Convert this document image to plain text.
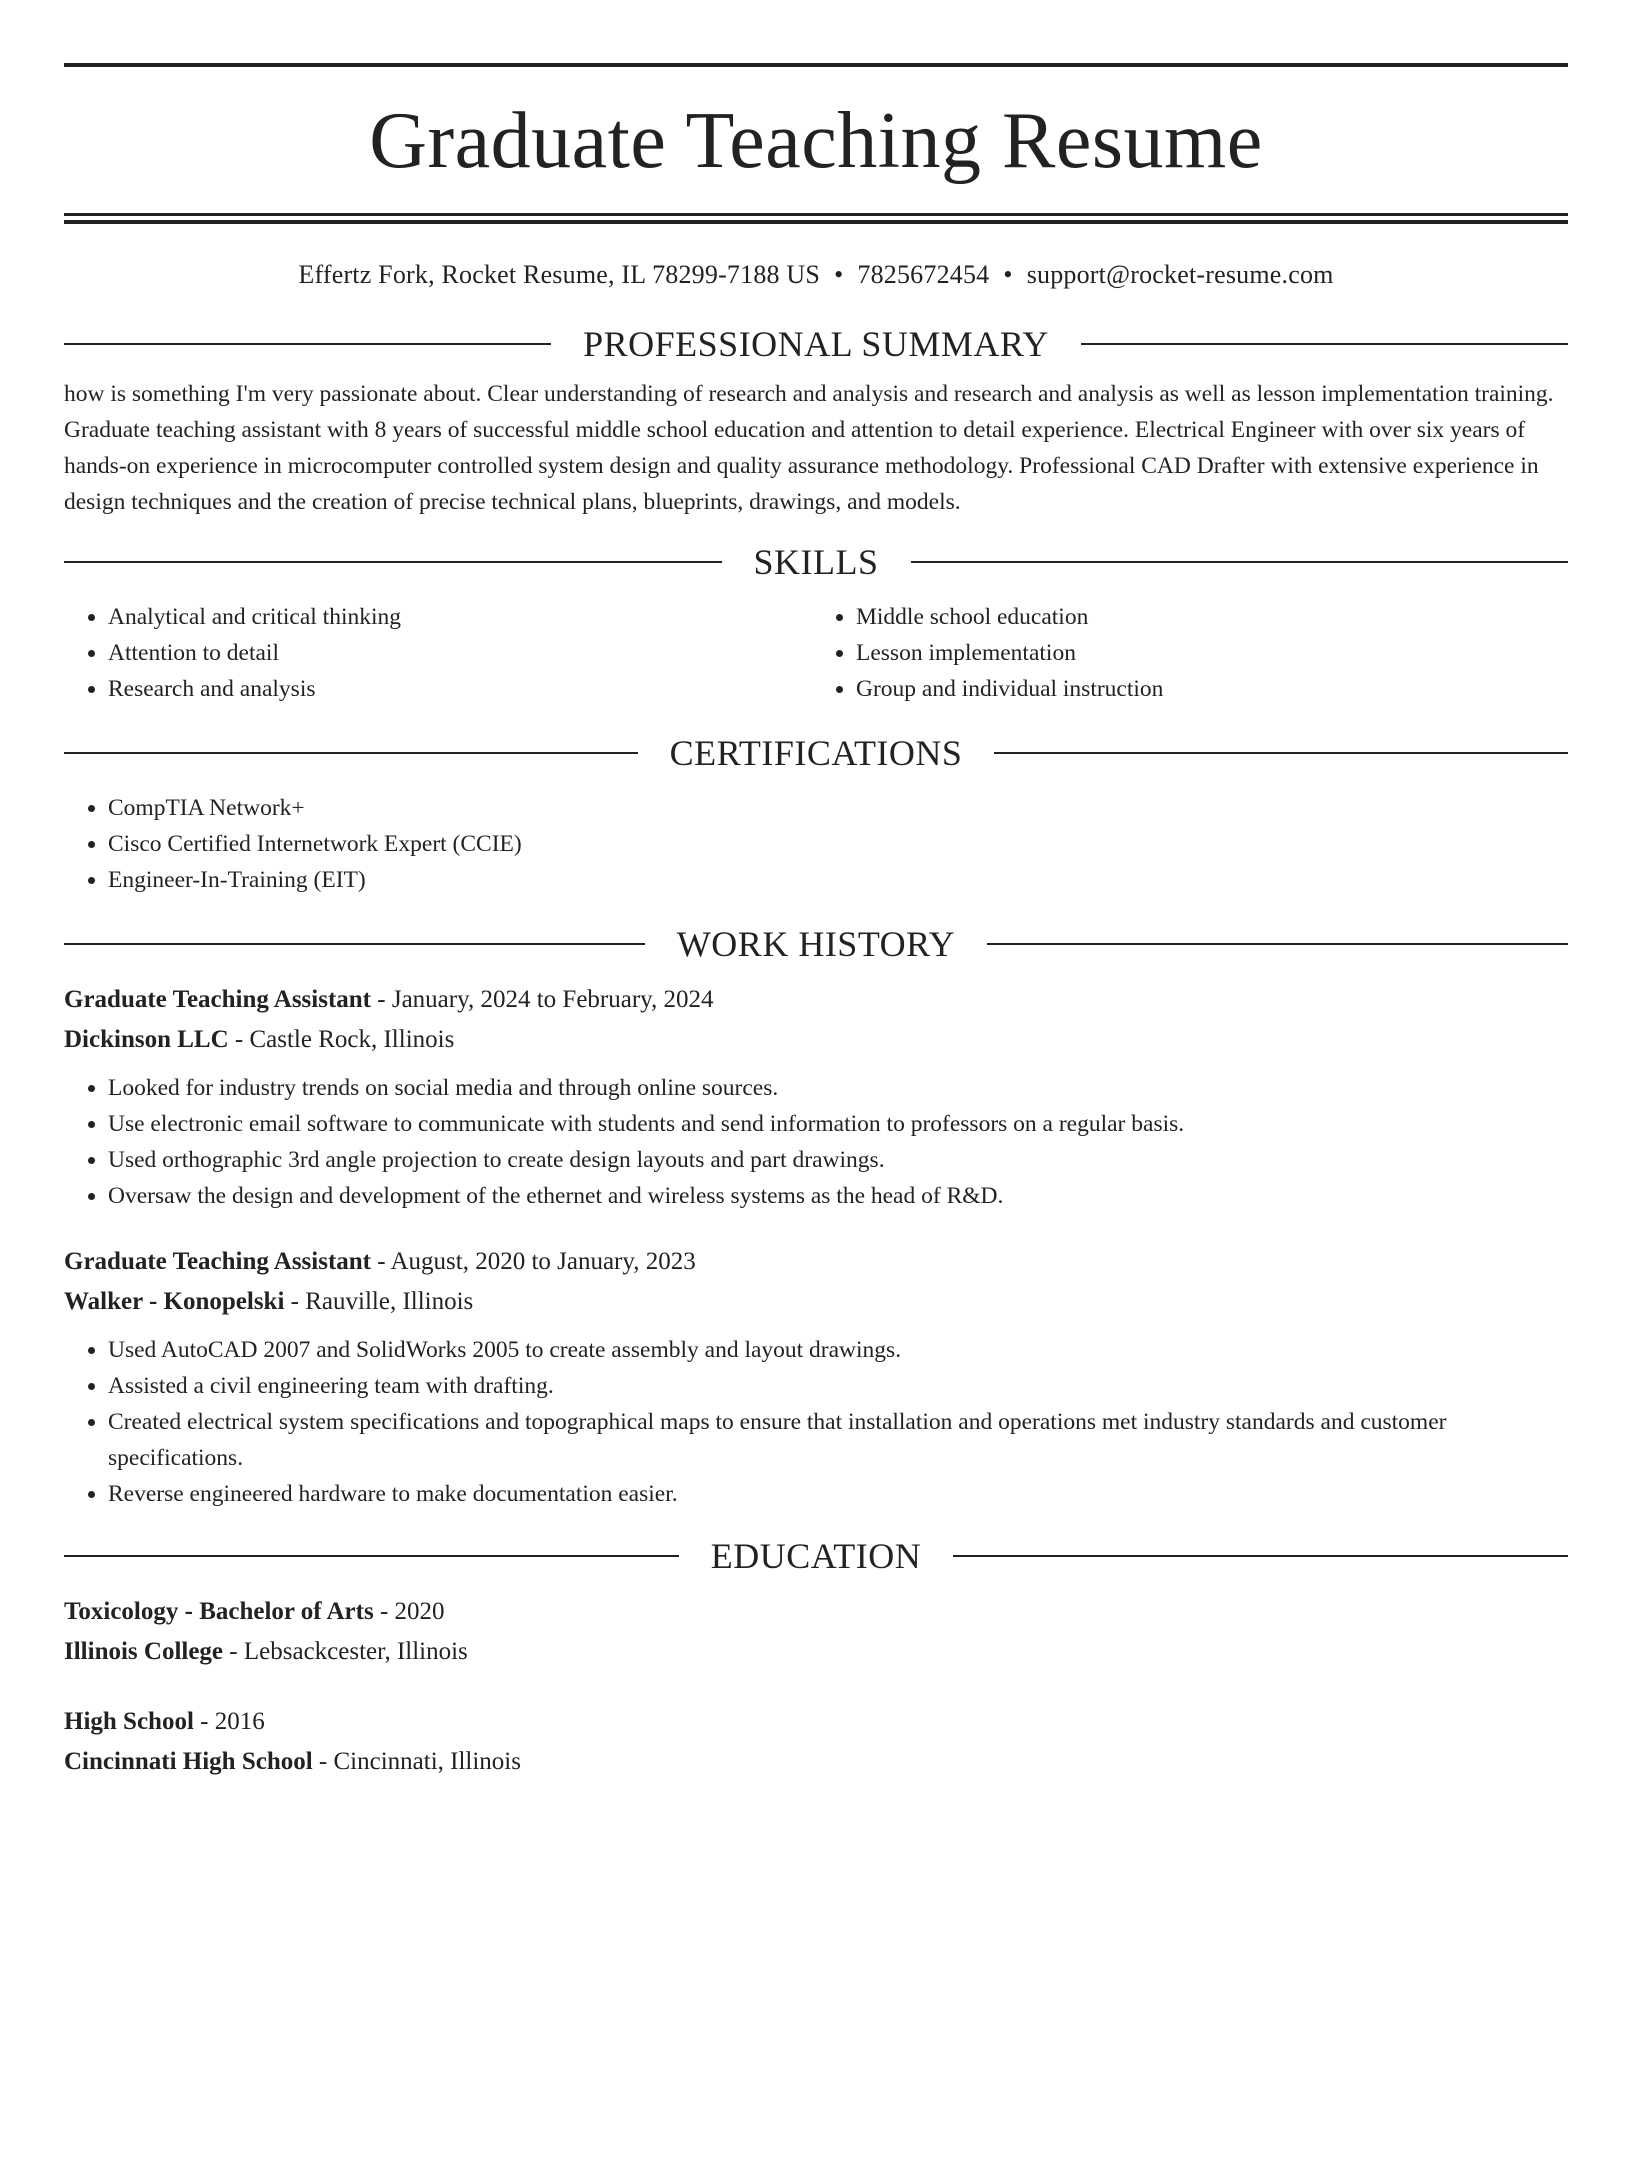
Graduate Teaching Resume
Effertz Fork, Rocket Resume, IL 78299-7188 US • 7825672454 • support@rocket-resume.com
PROFESSIONAL SUMMARY

how is something I'm very passionate about. Clear understanding of research and analysis and research and analysis as well as lesson implementation training. Graduate teaching assistant with 8 years of successful middle school education and attention to detail experience. Electrical Engineer with over six years of hands-on experience in microcomputer controlled system design and quality assurance methodology. Professional CAD Drafter with extensive experience in design techniques and the creation of precise technical plans, blueprints, drawings, and models.

SKILLS
• Analytical and critical thinking
• Attention to detail
• Research and analysis
• Middle school education
• Lesson implementation
• Group and individual instruction
CERTIFICATIONS
• CompTIA Network+
• Cisco Certified Internetwork Expert (CCIE)
• Engineer-In-Training (EIT)
WORK HISTORY
Graduate Teaching Assistant - January, 2024 to February, 2024
Dickinson LLC - Castle Rock, Illinois
• Looked for industry trends on social media and through online sources.
• Use electronic email software to communicate with students and send information to professors on a regular basis.
• Used orthographic 3rd angle projection to create design layouts and part drawings.
• Oversaw the design and development of the ethernet and wireless systems as the head of R&D.
Graduate Teaching Assistant - August, 2020 to January, 2023
Walker - Konopelski - Rauville, Illinois
• Used AutoCAD 2007 and SolidWorks 2005 to create assembly and layout drawings.
• Assisted a civil engineering team with drafting.
• Created electrical system specifications and topographical maps to ensure that installation and operations met industry standards and customer specifications.
• Reverse engineered hardware to make documentation easier.
EDUCATION
Toxicology - Bachelor of Arts - 2020
Illinois College - Lebsackcester, Illinois
High School - 2016
Cincinnati High School - Cincinnati, Illinois
